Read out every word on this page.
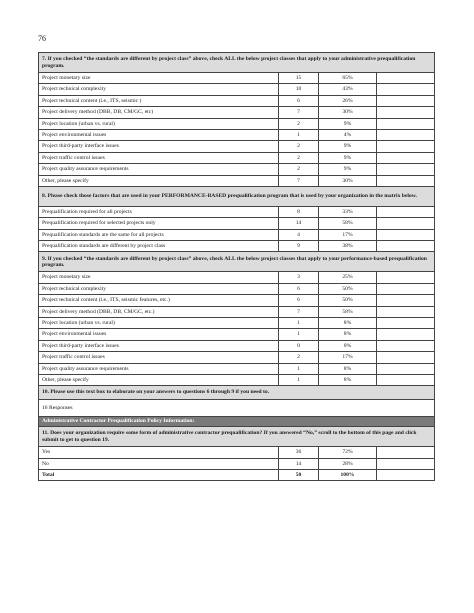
76
7. If you checked “the standards are different by project class” above, check ALL the below project classes that apply to your administrative prequalification program.			
Project monetary size	15	65%	
Project technical complexity	10	43%	
Project technical content (i.e., ITS, seismic )	6	26%	
Project delivery method (DBB, DB, CM/GC, etc)	7	30%	
Project location (urban vs. rural)	2	9%	
Project environmental issues	1	4%	
Project third-party interface issues	2	9%	
Project traffic control issues	2	9%	
Project quality assurance requirements	2	9%	
Other, please specify	7	30%	
8. Please check those factors that are used in your PERFORMANCE-BASED prequalification program that is used by your organization in the matrix below.			
Prequalification required for all projects	8	33%	
Prequalification required for selected projects only	14	58%	
Prequalification standards are the same for all projects	4	17%	
Prequalification standards are different by project class	9	38%	
9. If you checked “the standards are different by project class” above, check ALL the below project classes that apply to your performance-based prequalification program.			
Project monetary size	3	25%	
Project technical complexity	6	50%	
Project technical content (i.e., ITS, seismic features, etc.)	6	50%	
Project delivery method (DBB, DB, CM/GC, etc.)	7	58%	
Project location (urban vs. rural)	1	8%	
Project environmental issues	1	8%	
Project third-party interface issues	0	0%	
Project traffic control issues	2	17%	
Project quality assurance requirements	1	8%	
Other, please specify	1	8%	
10. Please use this text box to elaborate on your answers to questions 6 through 9 if you need to.			
16 Responses			
Administrative Contractor Prequalification Policy Information:			
11. Does your organization require some form of administrative contractor prequalification? If you answered “No,” scroll to the bottom of this page and click submit to get to question 19.			
Yes	36	72%	
No	14	28%	
Total	50	100%	
